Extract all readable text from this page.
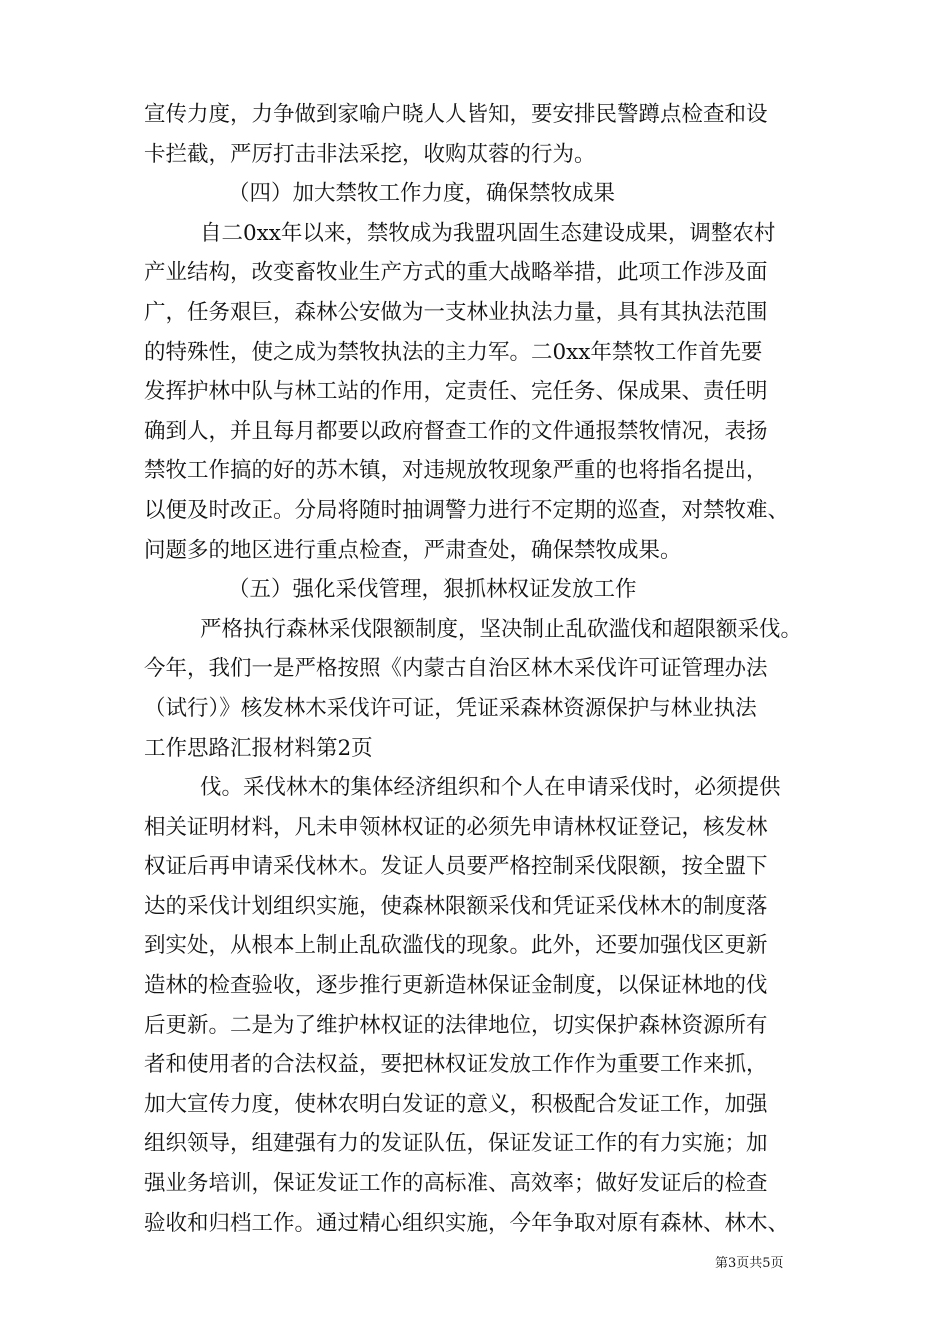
宣传力度，力争做到家喻户晓人人皆知，要安排民警蹲点检查和设
卡拦截，严厉打击非法采挖，收购苁蓉的行为。
（四）加大禁牧工作力度，确保禁牧成果
自二0xx年以来，禁牧成为我盟巩固生态建设成果，调整农村
产业结构，改变畜牧业生产方式的重大战略举措，此项工作涉及面
广，任务艰巨，森林公安做为一支林业执法力量，具有其执法范围
的特殊性，使之成为禁牧执法的主力军。二0xx年禁牧工作首先要
发挥护林中队与林工站的作用，定责任、完任务、保成果、责任明
确到人，并且每月都要以政府督查工作的文件通报禁牧情况，表扬
禁牧工作搞的好的苏木镇，对违规放牧现象严重的也将指名提出，
以便及时改正。分局将随时抽调警力进行不定期的巡查，对禁牧难、
问题多的地区进行重点检查，严肃查处，确保禁牧成果。
（五）强化采伐管理，狠抓林权证发放工作
严格执行森林采伐限额制度，坚决制止乱砍滥伐和超限额采伐。
今年，我们一是严格按照《内蒙古自治区林木采伐许可证管理办法
（试行）》核发林木采伐许可证，凭证采森林资源保护与林业执法
工作思路汇报材料第2页
伐。采伐林木的集体经济组织和个人在申请采伐时，必须提供
相关证明材料，凡未申领林权证的必须先申请林权证登记，核发林
权证后再申请采伐林木。发证人员要严格控制采伐限额，按全盟下
达的采伐计划组织实施，使森林限额采伐和凭证采伐林木的制度落
到实处，从根本上制止乱砍滥伐的现象。此外，还要加强伐区更新
造林的检查验收，逐步推行更新造林保证金制度，以保证林地的伐
后更新。二是为了维护林权证的法律地位，切实保护森林资源所有
者和使用者的合法权益，要把林权证发放工作作为重要工作来抓，
加大宣传力度，使林农明白发证的意义，积极配合发证工作，加强
组织领导，组建强有力的发证队伍，保证发证工作的有力实施；加
强业务培训，保证发证工作的高标准、高效率；做好发证后的检查
验收和归档工作。通过精心组织实施，今年争取对原有森林、林木、
第3页共5页
